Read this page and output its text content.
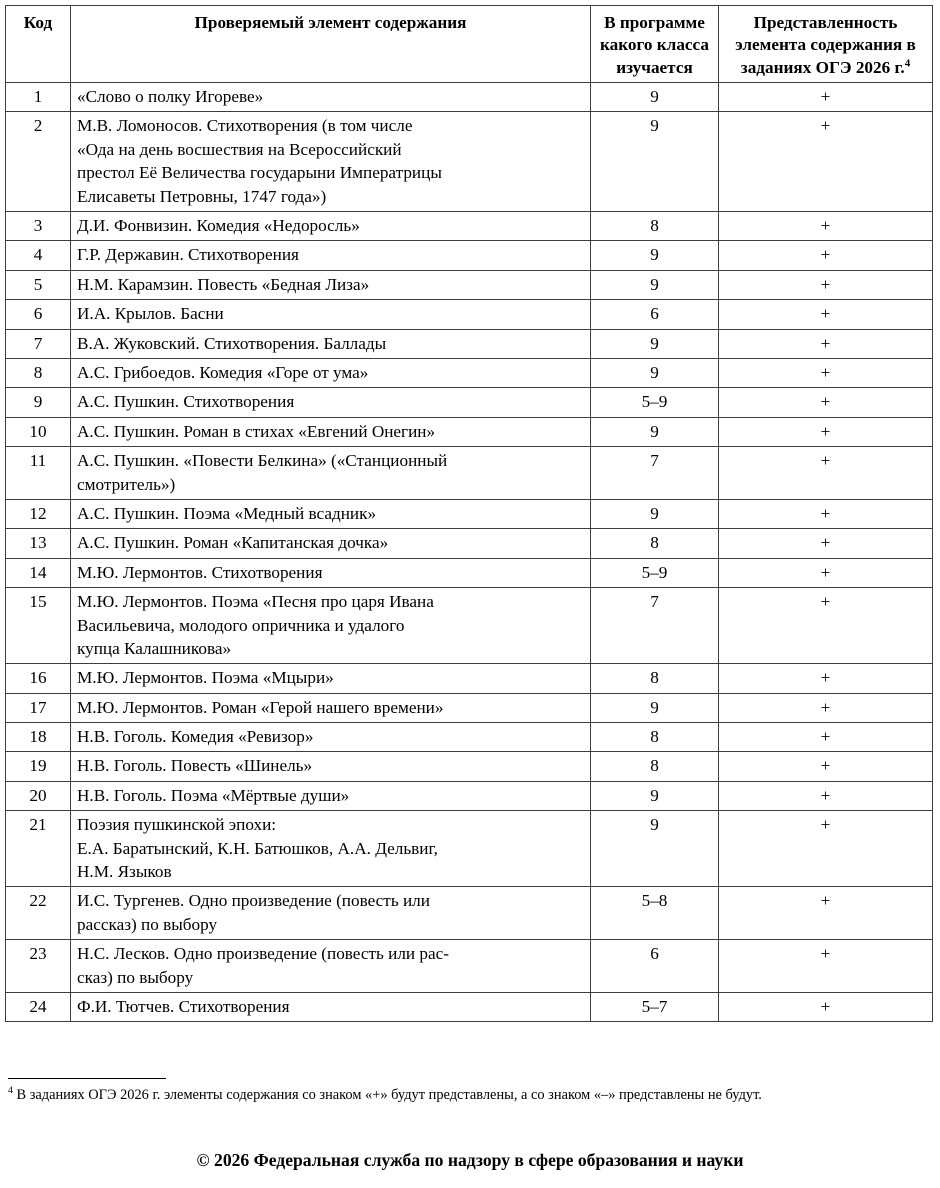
Код	Проверяемый элемент содержания	В программе какого класса изучается	Представленность элемента содержания в заданиях ОГЭ 2026 г.$^4$
1	«Слово о полку Игореве»	9	+
2	М.В. Ломоносов. Стихотворения (в том числе
«Ода на день восшествия на Всероссийский
престол Её Величества государыни Императрицы
Елисаветы Петровны, 1747 года»)	9	+
3	Д.И. Фонвизин. Комедия «Недоросль»	8	+
4	Г.Р. Державин. Стихотворения	9	+
5	Н.М. Карамзин. Повесть «Бедная Лиза»	9	+
6	И.А. Крылов. Басни	6	+
7	В.А. Жуковский. Стихотворения. Баллады	9	+
8	А.С. Грибоедов. Комедия «Горе от ума»	9	+
9	А.С. Пушкин. Стихотворения	5–9	+
10	А.С. Пушкин. Роман в стихах «Евгений Онегин»	9	+
11	А.С. Пушкин. «Повести Белкина» («Станционный
смотритель»)	7	+
12	А.С. Пушкин. Поэма «Медный всадник»	9	+
13	А.С. Пушкин. Роман «Капитанская дочка»	8	+
14	М.Ю. Лермонтов. Стихотворения	5–9	+
15	М.Ю. Лермонтов. Поэма «Песня про царя Ивана
Васильевича, молодого опричника и удалого
купца Калашникова»	7	+
16	М.Ю. Лермонтов. Поэма «Мцыри»	8	+
17	М.Ю. Лермонтов. Роман «Герой нашего времени»	9	+
18	Н.В. Гоголь. Комедия «Ревизор»	8	+
19	Н.В. Гоголь. Повесть «Шинель»	8	+
20	Н.В. Гоголь. Поэма «Мёртвые души»	9	+
21	Поэзия пушкинской эпохи:
Е.А. Баратынский, К.Н. Батюшков, А.А. Дельвиг,
Н.М. Языков	9	+
22	И.С. Тургенев. Одно произведение (повесть или
рассказ) по выбору	5–8	+
23	Н.С. Лесков. Одно произведение (повесть или рас-
сказ) по выбору	6	+
24	Ф.И. Тютчев. Стихотворения	5–7	+
$^4$ В заданиях ОГЭ 2026 г. элементы содержания со знаком «+» будут представлены, а со знаком «–» представлены не будут.
© 2026 Федеральная служба по надзору в сфере образования и науки
